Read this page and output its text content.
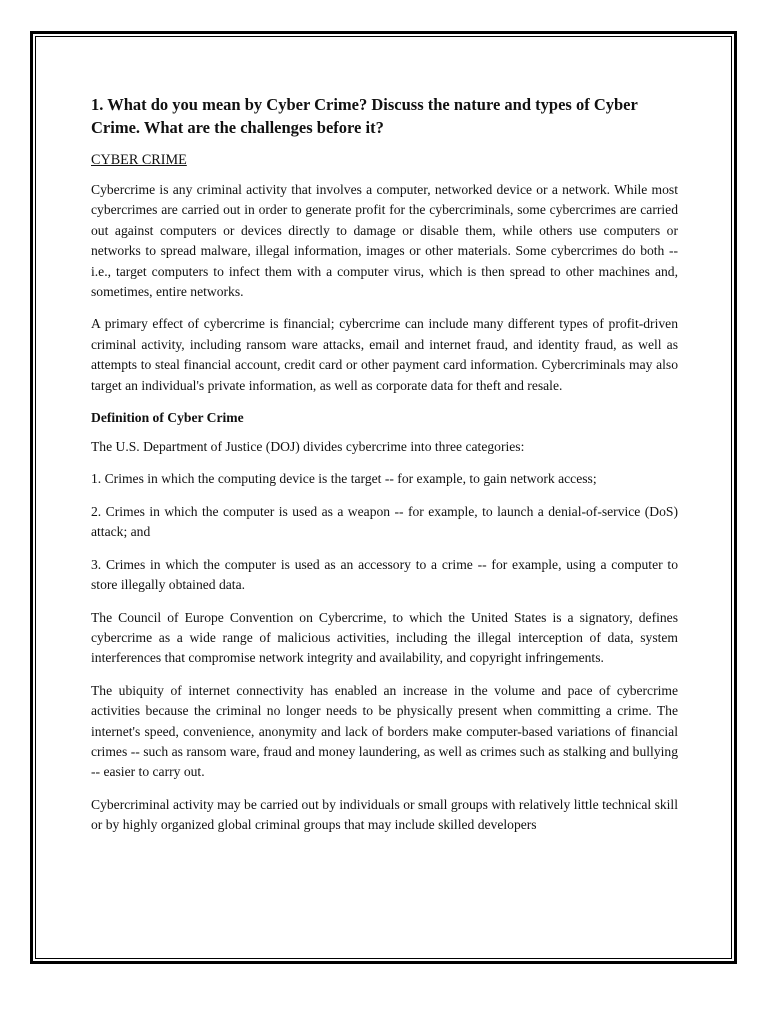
1. What do you mean by Cyber Crime? Discuss the nature and types of Cyber Crime. What are the challenges before it?
CYBER CRIME

Cybercrime is any criminal activity that involves a computer, networked device or a network. While most cybercrimes are carried out in order to generate profit for the cybercriminals, some cybercrimes are carried out against computers or devices directly to damage or disable them, while others use computers or networks to spread malware, illegal information, images or other materials. Some cybercrimes do both -- i.e., target computers to infect them with a computer virus, which is then spread to other machines and, sometimes, entire networks.

A primary effect of cybercrime is financial; cybercrime can include many different types of profit-driven criminal activity, including ransom ware attacks, email and internet fraud, and identity fraud, as well as attempts to steal financial account, credit card or other payment card information. Cybercriminals may also target an individual's private information, as well as corporate data for theft and resale.

Definition of Cyber Crime

The U.S. Department of Justice (DOJ) divides cybercrime into three categories:

1. Crimes in which the computing device is the target -- for example, to gain network access;

2. Crimes in which the computer is used as a weapon -- for example, to launch a denial-of-service (DoS) attack; and

3. Crimes in which the computer is used as an accessory to a crime -- for example, using a computer to store illegally obtained data.

The Council of Europe Convention on Cybercrime, to which the United States is a signatory, defines cybercrime as a wide range of malicious activities, including the illegal interception of data, system interferences that compromise network integrity and availability, and copyright infringements.

The ubiquity of internet connectivity has enabled an increase in the volume and pace of cybercrime activities because the criminal no longer needs to be physically present when committing a crime. The internet's speed, convenience, anonymity and lack of borders make computer-based variations of financial crimes -- such as ransom ware, fraud and money laundering, as well as crimes such as stalking and bullying -- easier to carry out.

Cybercriminal activity may be carried out by individuals or small groups with relatively little technical skill or by highly organized global criminal groups that may include skilled developers
